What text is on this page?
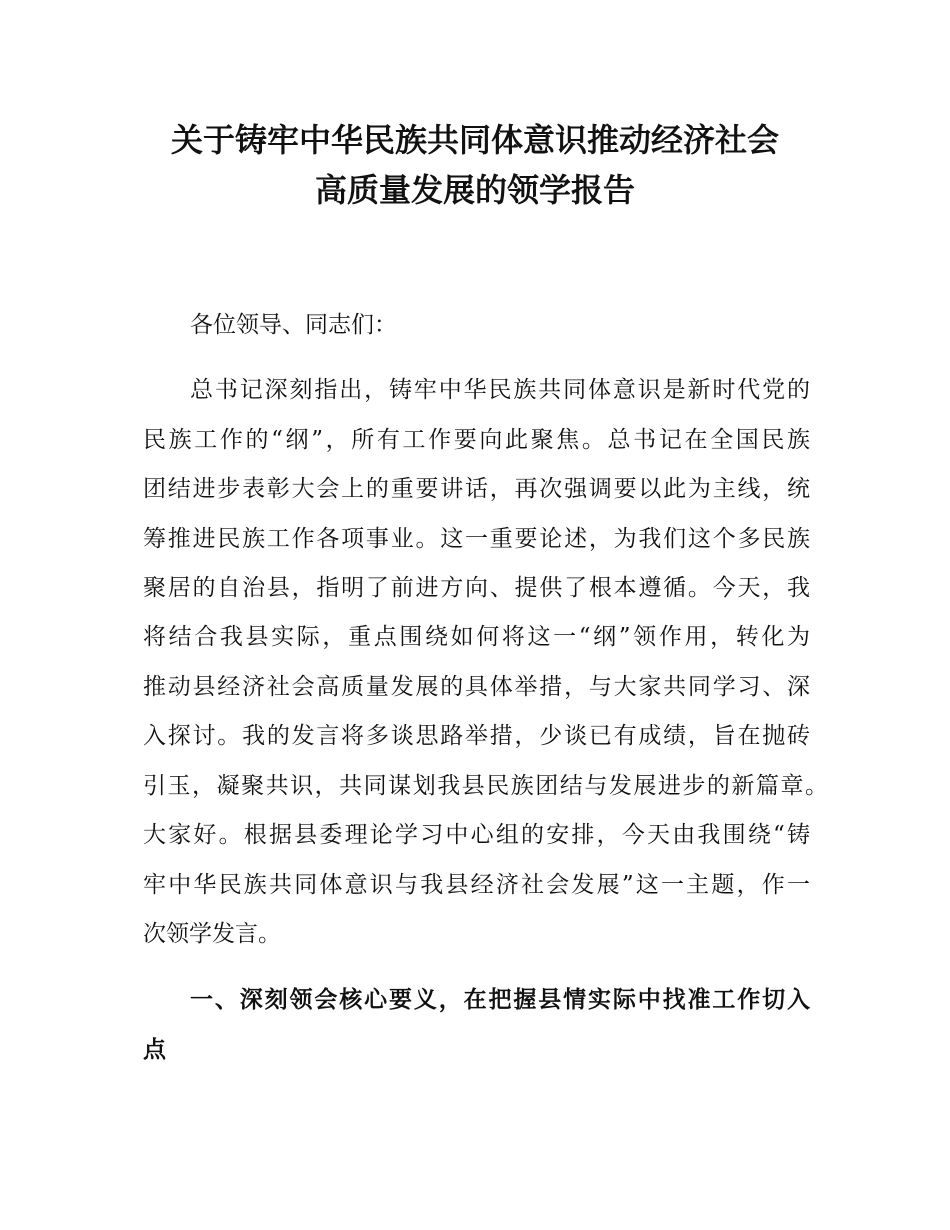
关于铸牢中华民族共同体意识推动经济社会
高质量发展的领学报告
各位领导、同志们：
总书记深刻指出，铸牢中华民族共同体意识是新时代党的
民族工作的“纲”，所有工作要向此聚焦。总书记在全国民族
团结进步表彰大会上的重要讲话，再次强调要以此为主线，统
筹推进民族工作各项事业。这一重要论述，为我们这个多民族
聚居的自治县，指明了前进方向、提供了根本遵循。今天，我
将结合我县实际，重点围绕如何将这一“纲”领作用，转化为
推动县经济社会高质量发展的具体举措，与大家共同学习、深
入探讨。我的发言将多谈思路举措，少谈已有成绩，旨在抛砖
引玉，凝聚共识，共同谋划我县民族团结与发展进步的新篇章。
大家好。根据县委理论学习中心组的安排，今天由我围绕“铸
牢中华民族共同体意识与我县经济社会发展”这一主题，作一
次领学发言。
一、深刻领会核心要义，在把握县情实际中找准工作切入
点
